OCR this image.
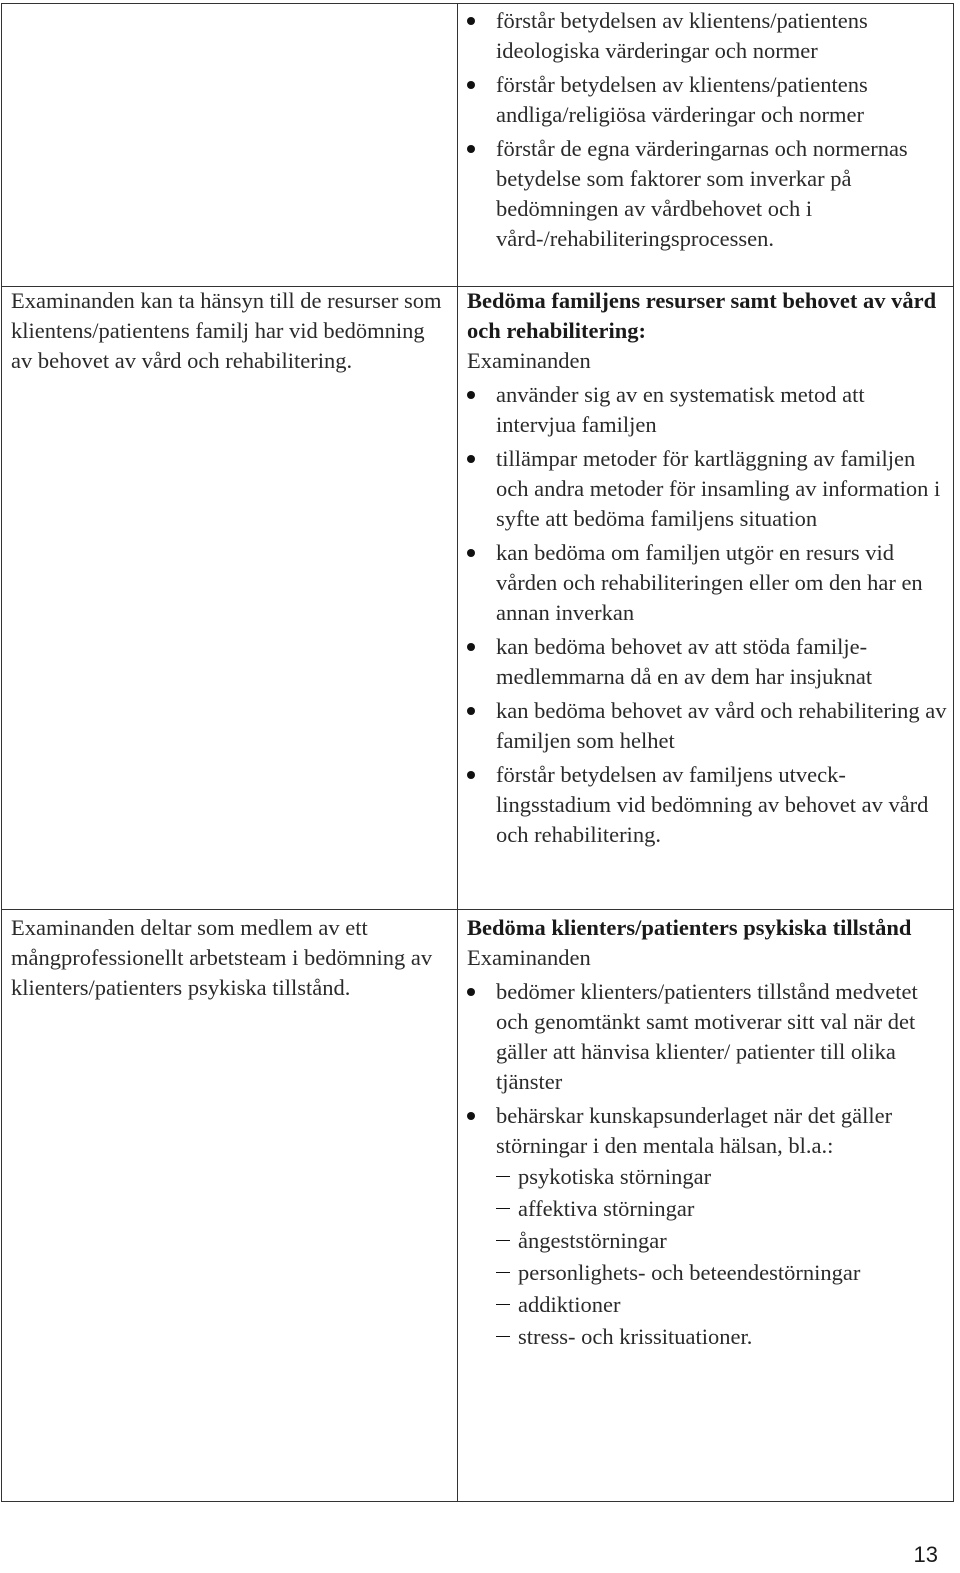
förstår betydelsen av klientens/patientens ideologiska värderingar och normer
förstår betydelsen av klientens/patientens andliga/religiösa värderingar och normer
förstår de egna värderingarnas och normernas betydelse som faktorer som inverkar på bedömningen av vårdbehovet och i vård-/rehabiliteringsprocessen.
Examinanden kan ta hänsyn till de resurser som klientens/patientens familj har vid bedömning av behovet av vård och rehabilitering.
Bedöma familjens resurser samt behovet av vård och rehabilitering:
Examinanden
använder sig av en systematisk metod att intervjua familjen
tillämpar metoder för kartläggning av familjen och andra metoder för insamling av information i syfte att bedöma familjens situation
kan bedöma om familjen utgör en resurs vid vården och rehabiliteringen eller om den har en annan inverkan
kan bedöma behovet av att stöda familjemedlemmarna då en av dem har insjuknat
kan bedöma behovet av vård och rehabilitering av familjen som helhet
förstår betydelsen av familjens utvecklingsstadium vid bedömning av behovet av vård och rehabilitering.
Examinanden deltar som medlem av ett mångprofessionellt arbetsteam i bedömning av klienters/patienters psykiska tillstånd.
Bedöma klienters/patienters psykiska tillstånd
Examinanden
bedömer klienters/patienters tillstånd medvetet och genomtänkt samt motiverar sitt val när det gäller att hänvisa klienter/ patienter till olika tjänster
behärskar kunskapsunderlaget när det gäller störningar i den mentala hälsan, bl.a.:
psykotiska störningar
affektiva störningar
ångeststörningar
personlighets- och beteendestörningar
addiktioner
stress- och krissituationer.
13
